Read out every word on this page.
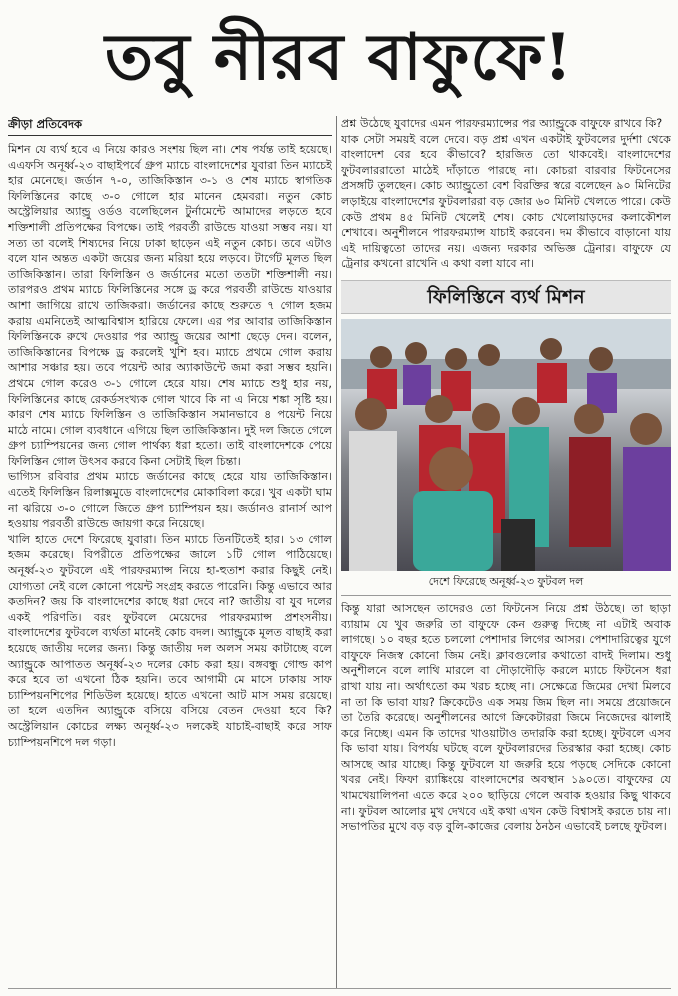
তবু নীরব বাফুফে!
ক্রীড়া প্রতিবেদক

মিশন যে ব্যর্থ হবে এ নিয়ে কারও সংশয় ছিল না। শেষ পর্যন্ত তাই হয়েছে। এএফসি অনূর্ধ্ব-২৩ বাছাইপর্বে গ্রুপ ম্যাচে বাংলাদেশের যুবারা তিন ম্যাচেই হার মেনেছে। জর্ডান ৭-০, তাজিকিস্তান ৩-১ ও শেষ ম্যাচে স্বাগতিক ফিলিস্তিনের কাছে ৩-০ গোলে হার মানেন হেমবরা। নতুন কোচ অস্ট্রেলিয়ার অ্যান্ড্রু ওর্ডও বলেছিলেন টুর্নামেন্টে আমাদের লড়তে হবে শক্তিশালী প্রতিপক্ষের বিপক্ষে। তাই পরবর্তী রাউন্ডে যাওয়া সম্ভব নয়। যা সত্য তা বলেই শিষ্যদের নিয়ে ঢাকা ছাড়েন এই নতুন কোচ। তবে এটাও বলে যান অন্তত একটা জয়ের জন্য মরিয়া হয়ে লড়বে। টার্গেট মূলত ছিল তাজিকিস্তান। তারা ফিলিস্তিন ও জর্ডানের মতো ততটা শক্তিশালী নয়। তারপরও প্রথম ম্যাচে ফিলিস্তিনের সঙ্গে ড্র করে পরবর্তী রাউন্ডে যাওয়ার আশা জাগিয়ে রাখে তাজিকরা। জর্ডানের কাছে শুরুতে ৭ গোল হজম করায় এমনিতেই আত্মবিশ্বাস হারিয়ে ফেলে। এর পর আবার তাজিকিস্তান ফিলিস্তিনকে রুখে দেওয়ার পর অ্যান্ড্রু জয়ের আশা ছেড়ে দেন। বলেন, তাজিকিস্তানের বিপক্ষে ড্র করলেই খুশি হব। ম্যাচে প্রথমে গোল করায় আশার সঞ্চার হয়। তবে পয়েন্ট আর অ্যাকাউন্টে জমা করা সম্ভব হয়নি। প্রথমে গোল করেও ৩-১ গোলে হেরে যায়। শেষ ম্যাচে শুধু হার নয়, ফিলিস্তিনের কাছে রেকর্ডসংখ্যক গোল খাবে কি না এ নিয়ে শঙ্কা সৃষ্টি হয়। কারণ শেষ ম্যাচে ফিলিস্তিন ও তাজিকিস্তান সমানভাবে ৪ পয়েন্ট নিয়ে মাঠে নামে। গোল ব্যবধানে এগিয়ে ছিল তাজিকিস্তান। দুই দল জিতে গেলে গ্রুপ চ্যাম্পিয়নের জন্য গোল পার্থক্য ধরা হতো। তাই বাংলাদেশকে পেয়ে ফিলিস্তিন গোল উৎসব করবে কিনা সেটাই ছিল চিন্তা।

ভাগ্যিস রবিবার প্রথম ম্যাচে জর্ডানের কাছে হেরে যায় তাজিকিস্তান। এতেই ফিলিস্তিন রিলাক্সমুডে বাংলাদেশের মোকাবিলা করে। খুব একটা ঘাম না ঝরিয়ে ৩-০ গোলে জিতে গ্রুপ চ্যাম্পিয়ন হয়। জর্ডানও রানার্স আপ হওয়ায় পরবর্তী রাউন্ডে জায়গা করে নিয়েছে।

খালি হাতে দেশে ফিরেছে যুবারা। তিন ম্যাচে তিনটিতেই হার। ১৩ গোল হজম করেছে। বিপরীতে প্রতিপক্ষের জালে ১টি গোল পাঠিয়েছে। অনূর্ধ্ব-২৩ ফুটবলে এই পারফরম্যান্স নিয়ে হা-হুতাশ করার কিছুই নেই। যোগ্যতা নেই বলে কোনো পয়েন্ট সংগ্রহ করতে পারেনি। কিন্তু এভাবে আর কতদিন? জয় কি বাংলাদেশের কাছে ধরা দেবে না? জাতীয় বা যুব দলের একই পরিণতি। বরং ফুটবলে মেয়েদের পারফরম্যান্স প্রশংসনীয়। বাংলাদেশের ফুটবলে ব্যর্থতা মানেই কোচ বদল। অ্যান্ড্রুকে মূলত বাছাই করা হয়েছে জাতীয় দলের জন্য। কিন্তু জাতীয় দল অলস সময় কাটাচ্ছে বলে অ্যান্ড্রুকে আপাতত অনূর্ধ্ব-২৩ দলের কোচ করা হয়। বঙ্গবন্ধু গোল্ড কাপ করে হবে তা এখনো ঠিক হয়নি। তবে আগামী মে মাসে ঢাকায় সাফ চ্যাম্পিয়নশিপের শিডিউল হয়েছে। হাতে এখনো আট মাস সময় রয়েছে। তা হলে এতদিন অ্যান্ড্রুকে বসিয়ে বসিয়ে বেতন দেওয়া হবে কি? অস্ট্রেলিয়ান কোচের লক্ষ্য অনূর্ধ্ব-২৩ দলকেই যাচাই-বাছাই করে সাফ চ্যাম্পিয়নশিপে দল গড়া।

প্রশ্ন উঠেছে যুবাদের এমন পারফরম্যান্সের পর অ্যান্ড্রুকে বাফুফে রাখবে কি?

যাক সেটা সময়ই বলে দেবে। বড় প্রশ্ন এখন একটাই ফুটবলের দুর্দশা থেকে বাংলাদেশ বের হবে কীভাবে? হারজিত তো থাকবেই। বাংলাদেশের ফুটবলাররাতো মাঠেই দাঁড়াতে পারছে না। কোচরা বারবার ফিটনেসের প্রসঙ্গটি তুলছেন। কোচ অ্যান্ড্রুতো বেশ বিরক্তির স্বরে বলেছেন ৯০ মিনিটের লড়াইয়ে বাংলাদেশের ফুটবলাররা বড় জোর ৬০ মিনিট খেলতে পারে। কেউ কেউ প্রথম ৪৫ মিনিট খেলেই শেষ। কোচ খেলোয়াড়দের কলাকৌশল শেখাবে। অনুশীলনে পারফরম্যান্স যাচাই করবেন। দম কীভাবে বাড়ানো যায় এই দায়িত্বতো তাদের নয়। এজন্য দরকার অভিজ্ঞ ট্রেনার। বাফুফে যে ট্রেনার কখনো রাখেনি এ কথা বলা যাবে না।

ফিলিস্তিনে ব্যর্থ মিশন
দেশে ফিরেছে অনূর্ধ্ব-২৩ ফুটবল দল

কিন্তু যারা আসছেন তাদেরও তো ফিটনেস নিয়ে প্রশ্ন উঠছে। তা ছাড়া ব্যায়াম যে খুব জরুরি তা বাফুফে কেন গুরুত্ব দিচ্ছে না এটাই অবাক লাগছে। ১০ বছর হতে চললো পেশাদার লিগের আসর। পেশাদারিত্বের যুগে বাফুফে নিজস্ব কোনো জিম নেই। ক্লাবগুলোর কথাতো বাদই দিলাম। শুধু অনুশীলনে বলে লাথি মারলে বা দৌড়াদৌড়ি করলে ম্যাচে ফিটনেস ধরা রাখা যায় না। অর্থাৎতো কম খরচ হচ্ছে না। সেক্ষেত্রে জিমের দেখা মিলবে না তা কি ভাবা যায়? ক্রিকেটেও এক সময় জিম ছিল না। সময়ে প্রয়োজনে তা তৈরি করেছে। অনুশীলনের আগে ক্রিকেটাররা জিমে নিজেদের ঝালাই করে নিচ্ছে। এমন কি তাদের খাওয়াটাও তদারকি করা হচ্ছে। ফুটবলে এসব কি ভাবা যায়। বিপর্যয় ঘটছে বলে ফুটবলারদের তিরস্কার করা হচ্ছে। কোচ আসছে আর যাচ্ছে। কিন্তু ফুটবলে যা জরুরি হয়ে পড়ছে সেদিকে কোনো খবর নেই। ফিফা র‌্যাঙ্কিংয়ে বাংলাদেশের অবস্থান ১৯০তে। বাফুফের যে খামখেয়ালিপনা এতে করে ২০০ ছাড়িয়ে গেলে অবাক হওয়ার কিছু থাকবে না। ফুটবল আলোর মুখ দেখবে এই কথা এখন কেউ বিশ্বাসই করতে চায় না। সভাপতির মুখে বড় বড় বুলি-কাজের বেলায় ঠনঠন এভাবেই চলছে ফুটবল।
